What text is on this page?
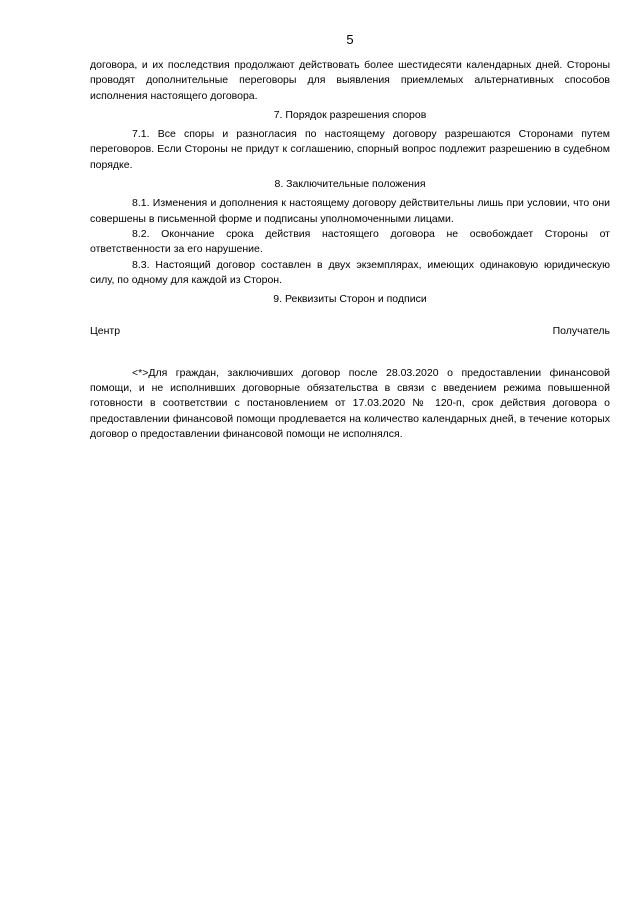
5

договора, и их последствия продолжают действовать более шестидесяти календарных дней. Стороны проводят дополнительные переговоры для выявления приемлемых альтернативных способов исполнения настоящего договора.

7. Порядок разрешения споров

7.1. Все споры и разногласия по настоящему договору разрешаются Сторонами путем переговоров. Если Стороны не придут к соглашению, спорный вопрос подлежит разрешению в судебном порядке.

8. Заключительные положения

8.1. Изменения и дополнения к настоящему договору действительны лишь при условии, что они совершены в письменной форме и подписаны уполномоченными лицами.

8.2. Окончание срока действия настоящего договора не освобождает Стороны от ответственности за его нарушение.

8.3. Настоящий договор составлен в двух экземплярах, имеющих одинаковую юридическую силу, по одному для каждой из Сторон.

9. Реквизиты Сторон и подписи

Центр	Получатель

<*>Для граждан, заключивших договор после 28.03.2020 о предоставлении финансовой помощи, и не исполнивших договорные обязательства в связи с введением режима повышенной готовности в соответствии с постановлением от 17.03.2020 № 120-п, срок действия договора о предоставлении финансовой помощи продлевается на количество календарных дней, в течение которых договор о предоставлении финансовой помощи не исполнялся.
